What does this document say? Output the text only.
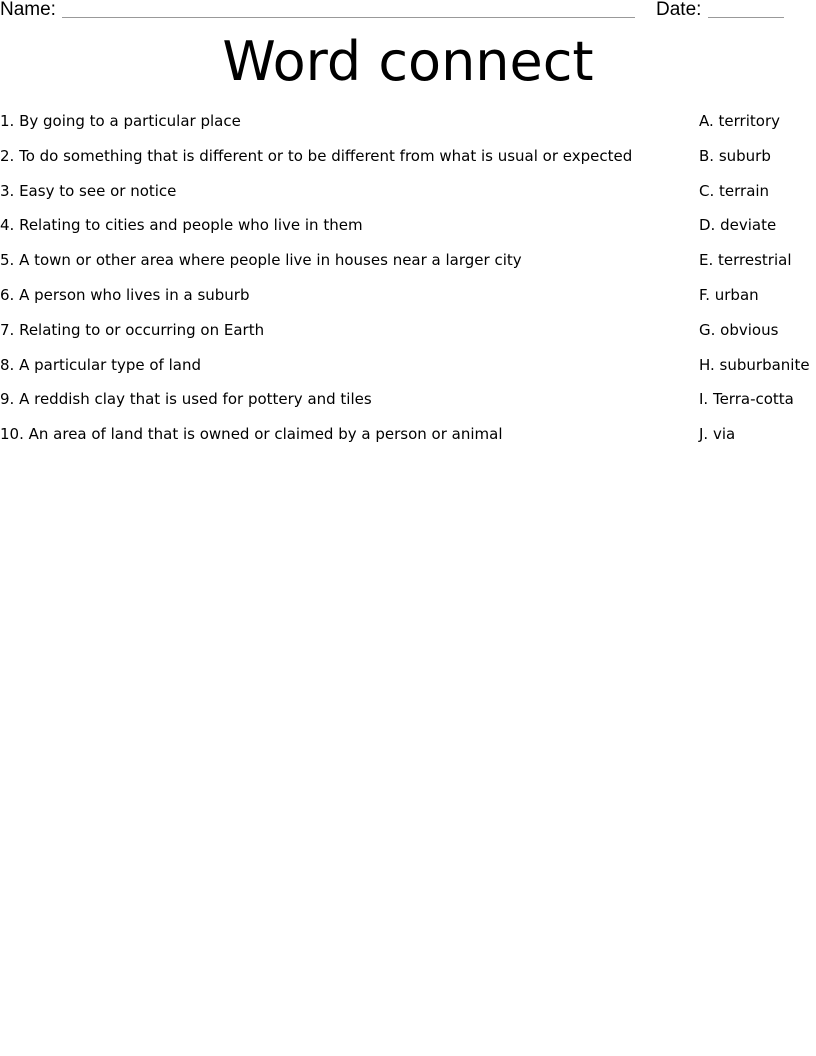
Name:	Date:
Word connect
1. By going to a particular place
2. To do something that is different or to be different from what is usual or expected
3. Easy to see or notice
4. Relating to cities and people who live in them
5. A town or other area where people live in houses near a larger city
6. A person who lives in a suburb
7. Relating to or occurring on Earth
8. A particular type of land
9. A reddish clay that is used for pottery and tiles
10. An area of land that is owned or claimed by a person or animal
A. territory
B. suburb
C. terrain
D. deviate
E. terrestrial
F. urban
G. obvious
H. suburbanite
I. Terra-cotta
J. via
